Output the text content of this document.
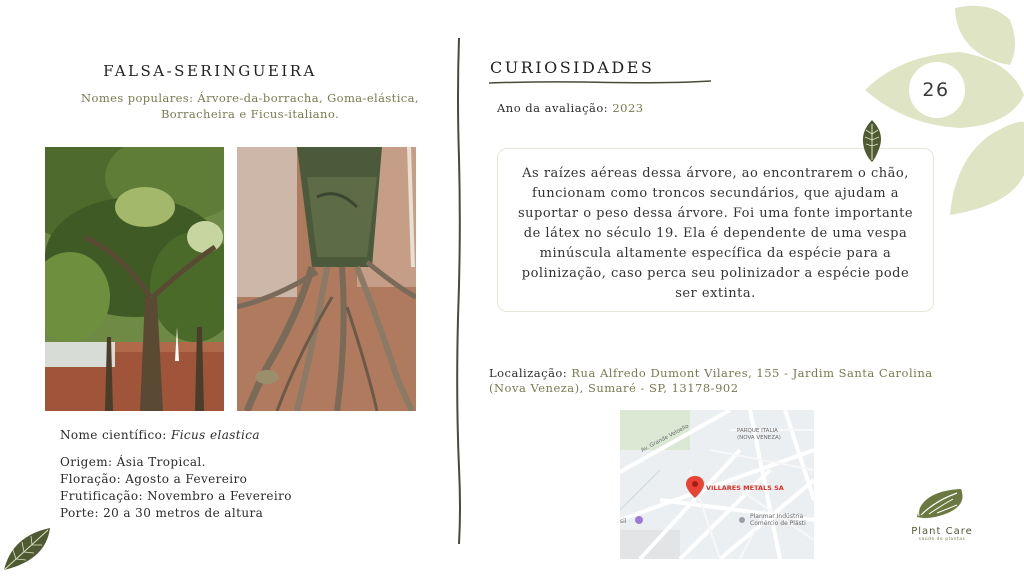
FALSA-SERINGUEIRA
Nomes populares: Árvore-da-borracha, Goma-elástica, Borracheira e Ficus-italiano.
Nome científico: Ficus elastica
Origem: Ásia Tropical.
Floração: Agosto a Fevereiro
Frutificação: Novembro a Fevereiro
Porte: 20 a 30 metros de altura
CURIOSIDADES
Ano da avaliação: 2023

As raízes aéreas dessa árvore, ao encontrarem o chão, funcionam como troncos secundários, que ajudam a suportar o peso dessa árvore. Foi uma fonte importante de látex no século 19. Ela é dependente de uma vespa minúscula altamente específica da espécie para a polinização, caso perca seu polinizador a espécie pode ser extinta.

Localização: Rua Alfredo Dumont Vilares, 155 - Jardim Santa Carolina (Nova Veneza), Sumaré - SP, 13178-902
Av. Grande Veloello	PARQUE ITALIA
(NOVA VENEZA)
VILLARES METALS SA
Planmar Indústria
Comércio de Plásti
sil
26
Plant Care
saúde de plantas
